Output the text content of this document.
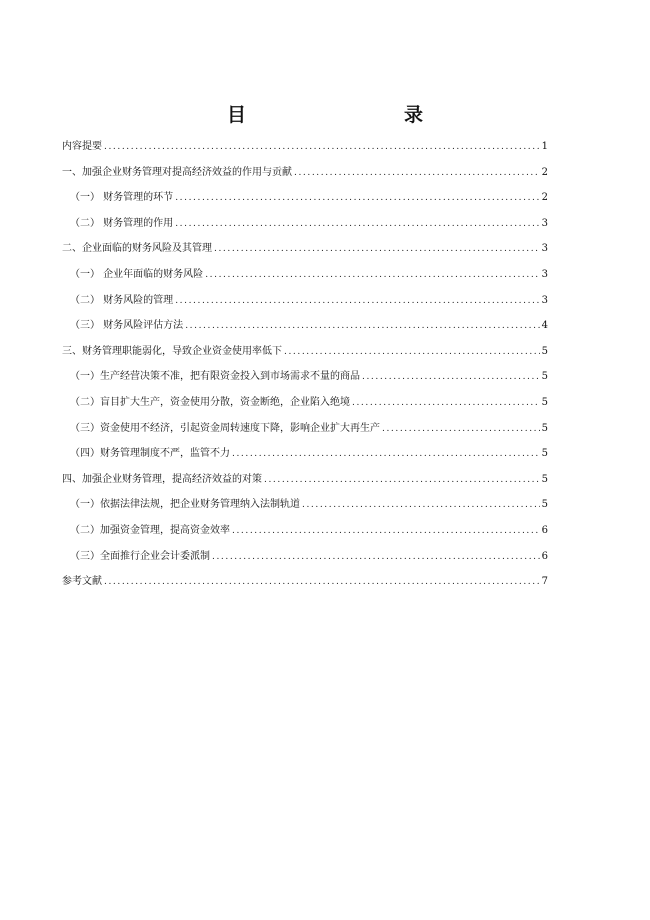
目　　录
内容提要 .....	1
一、加强企业财务管理对提高经济效益的作用与贡献 .....	2
（一） 财务管理的环节 .....	2
（二） 财务管理的作用 .....	3
二、企业面临的财务风险及其管理 .....	3
（一） 企业年面临的财务风险 .....	3
（二） 财务风险的管理 .....	3
（三） 财务风险评估方法 .....	4
三、财务管理职能弱化，导致企业资金使用率低下 .....	5
（一）生产经营决策不准，把有限资金投入到市场需求不量的商品 .....	5
（二）盲目扩大生产，资金使用分散，资金断绝，企业陷入绝境 .....	5
（三）资金使用不经济，引起资金周转速度下降，影响企业扩大再生产 .....	5
（四）财务管理制度不严，监管不力 .....	5
四、加强企业财务管理，提高经济效益的对策 .....	5
（一）依据法律法规，把企业财务管理纳入法制轨道 .....	5
（二）加强资金管理，提高资金效率 .....	6
（三）全面推行企业会计委派制 .....	6
参考文献 .....	7
